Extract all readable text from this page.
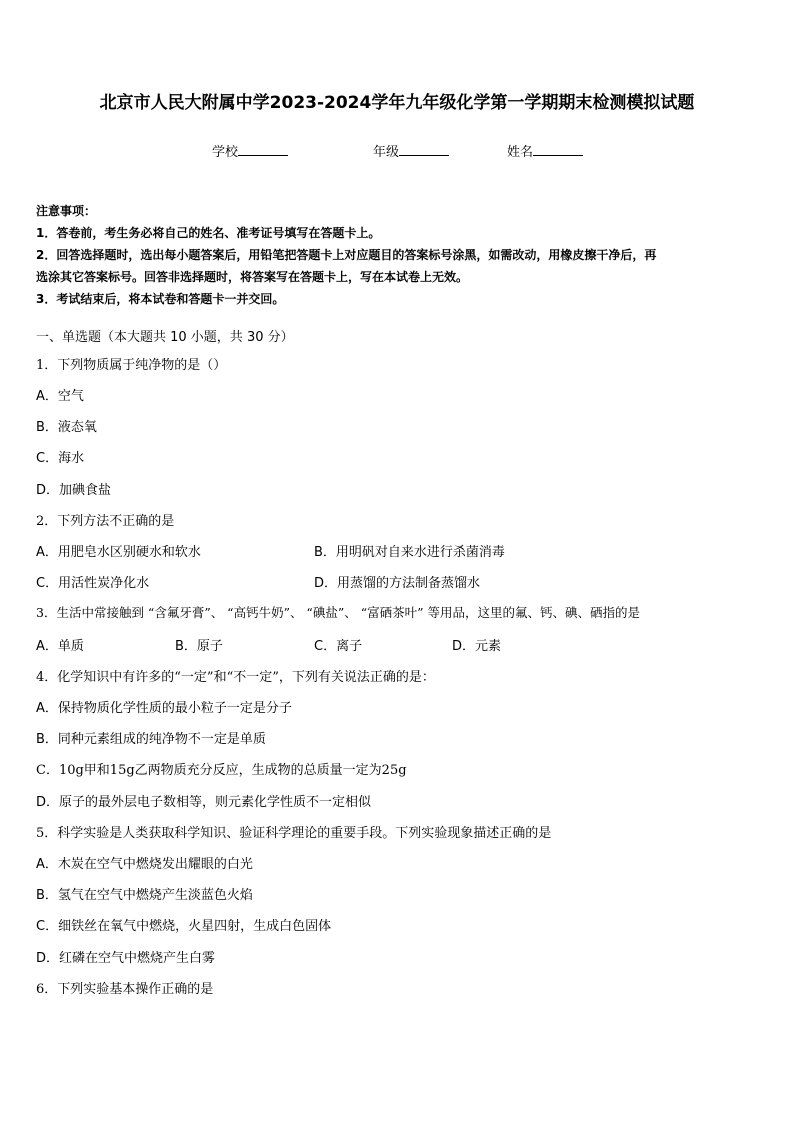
北京市人民大附属中学2023-2024学年九年级化学第一学期期末检测模拟试题
学校	年级	姓名
注意事项：
1．答卷前，考生务必将自己的姓名、准考证号填写在答题卡上。
2．回答选择题时，选出每小题答案后，用铅笔把答题卡上对应题目的答案标号涂黑，如需改动，用橡皮擦干净后，再
选涂其它答案标号。回答非选择题时，将答案写在答题卡上，写在本试卷上无效。
3．考试结束后，将本试卷和答题卡一并交回。
一、单选题（本大题共 10 小题，共 30 分）
1．下列物质属于纯净物的是（）
A．空气
B．液态氧
C．海水
D．加碘食盐
2．下列方法不正确的是
A．用肥皂水区别硬水和软水	B．用明矾对自来水进行杀菌消毒
C．用活性炭净化水	D．用蒸馏的方法制备蒸馏水
3．生活中常接触到 “含氟牙膏”、 “高钙牛奶”、 “碘盐”、 “富硒茶叶” 等用品，这里的氟、钙、碘、硒指的是
A．单质	B．原子	C．离子	D．元素
4．化学知识中有许多的“一定”和“不一定”，下列有关说法正确的是：
A．保持物质化学性质的最小粒子一定是分子
B．同种元素组成的纯净物不一定是单质
C．10g甲和15g乙两物质充分反应，生成物的总质量一定为25g
D．原子的最外层电子数相等，则元素化学性质不一定相似
5．科学实验是人类获取科学知识、验证科学理论的重要手段。下列实验现象描述正确的是
A．木炭在空气中燃烧发出耀眼的白光
B．氢气在空气中燃烧产生淡蓝色火焰
C．细铁丝在氧气中燃烧，火星四射，生成白色固体
D．红磷在空气中燃烧产生白雾
6．下列实验基本操作正确的是
